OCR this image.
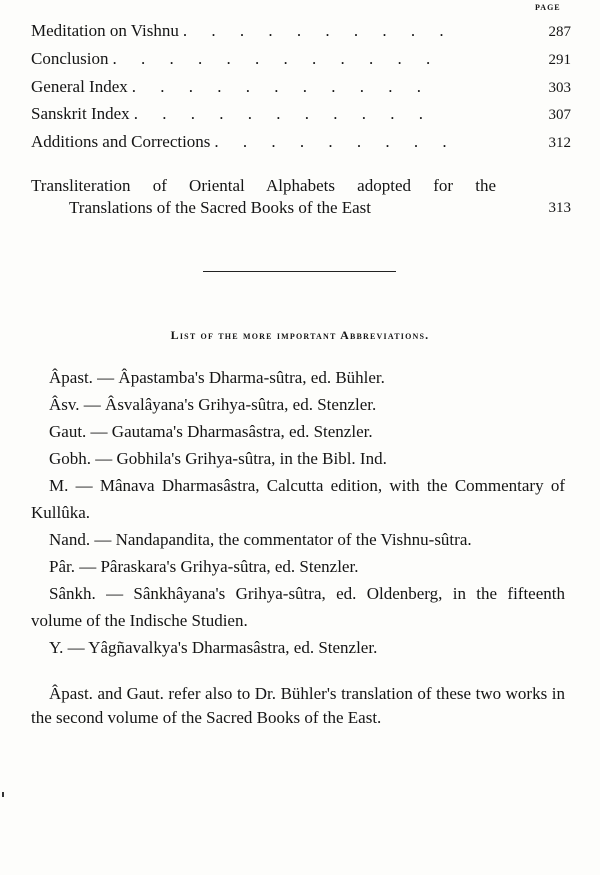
PAGE
Meditation on Vishnu . . . . . . . . . .	287
Conclusion . . . . . . . . . . . .	291
General Index . . . . . . . . . . .	303
Sanskrit Index . . . . . . . . . . .	307
Additions and Corrections . . . . . . . . .	312
Transliteration of Oriental Alphabets adopted for the
Translations of the Sacred Books of the East	313
List of the more important Abbreviations.

Âpast. — Âpastamba's Dharma-sûtra, ed. Bühler.

Âsv. — Âsvalâyana's Grihya-sûtra, ed. Stenzler.

Gaut. — Gautama's Dharmasâstra, ed. Stenzler.

Gobh. — Gobhila's Grihya-sûtra, in the Bibl. Ind.

M. — Mânava Dharmasâstra, Calcutta edition, with the Commentary of Kullûka.

Nand. — Nandapandita, the commentator of the Vishnu-sûtra.

Pâr. — Pâraskara's Grihya-sûtra, ed. Stenzler.

Sânkh. — Sânkhâyana's Grihya-sûtra, ed. Oldenberg, in the fifteenth volume of the Indische Studien.

Y. — Yâgñavalkya's Dharmasâstra, ed. Stenzler.

Âpast. and Gaut. refer also to Dr. Bühler's translation of these two works in the second volume of the Sacred Books of the East.
